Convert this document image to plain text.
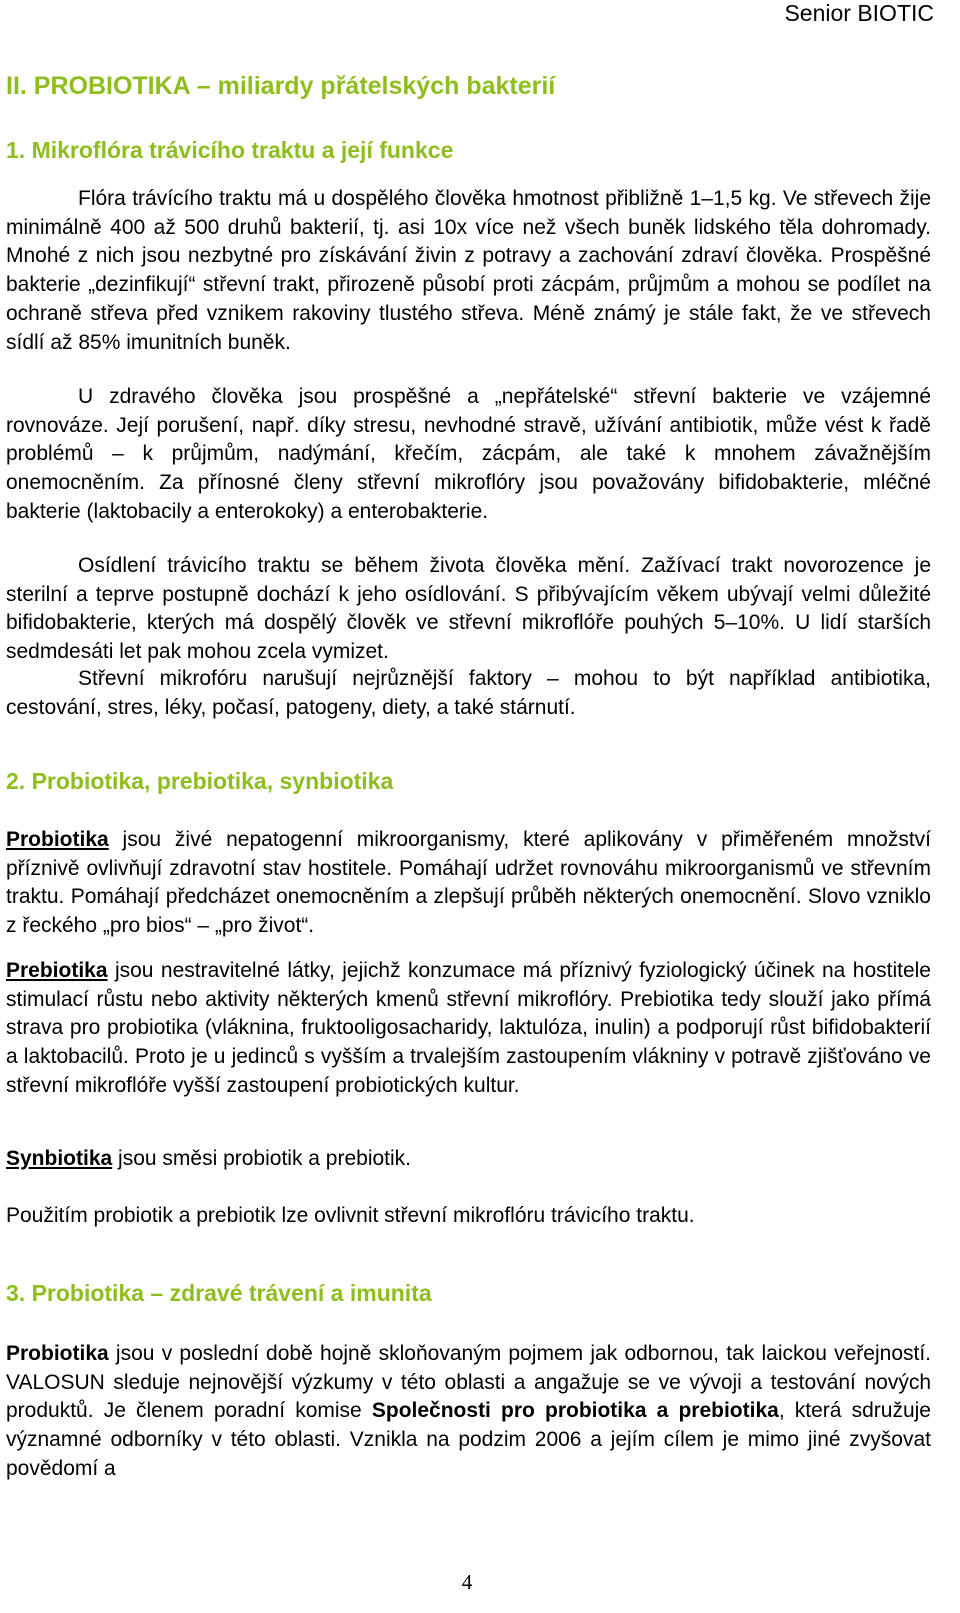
Senior BIOTIC
II. PROBIOTIKA – miliardy přátelských bakterií
1. Mikroflóra trávicího traktu a její funkce
Flóra trávícího traktu má u dospělého člověka hmotnost přibližně 1–1,5 kg. Ve střevech žije minimálně 400 až 500 druhů bakterií, tj. asi 10x více než všech buněk lidského těla dohromady. Mnohé z nich jsou nezbytné pro získávání živin z potravy a zachování zdraví člověka. Prospěšné bakterie „dezinfikují“ střevní trakt, přirozeně působí proti zácpám, průjmům a mohou se podílet na ochraně střeva před vznikem rakoviny tlustého střeva. Méně známý je stále fakt, že ve střevech sídlí až 85% imunitních buněk.
U zdravého člověka jsou prospěšné a „nepřátelské“ střevní bakterie ve vzájemné rovnováze. Její porušení, např. díky stresu, nevhodné stravě, užívání antibiotik, může vést k řadě problémů – k průjmům, nadýmání, křečím, zácpám, ale také k mnohem závažnějším onemocněním. Za přínosné členy střevní mikroflóry jsou považovány bifidobakterie, mléčné bakterie (laktobacily a enterokoky) a enterobakterie.
Osídlení trávicího traktu se během života člověka mění. Zažívací trakt novorozence je sterilní a teprve postupně dochází k jeho osídlování. S přibývajícím věkem ubývají velmi důležité bifidobakterie, kterých má dospělý člověk ve střevní mikroflóře pouhých 5–10%. U lidí starších sedmdesáti let pak mohou zcela vymizet.
Střevní mikrofóru narušují nejrůznější faktory – mohou to být například antibiotika, cestování, stres, léky, počasí, patogeny, diety, a také stárnutí.
2. Probiotika, prebiotika, synbiotika
Probiotika jsou živé nepatogenní mikroorganismy, které aplikovány v přiměřeném množství příznivě ovlivňují zdravotní stav hostitele. Pomáhají udržet rovnováhu mikroorganismů ve střevním traktu. Pomáhají předcházet onemocněním a zlepšují průběh některých onemocnění. Slovo vzniklo z řeckého „pro bios“ – „pro život“.
Prebiotika jsou nestravitelné látky, jejichž konzumace má příznivý fyziologický účinek na hostitele stimulací růstu nebo aktivity některých kmenů střevní mikroflóry. Prebiotika tedy slouží jako přímá strava pro probiotika (vláknina, fruktooligosacharidy, laktulóza, inulin) a podporují růst bifidobakterií a laktobacilů. Proto je u jedinců s vyšším a trvalejším zastoupením vlákniny v potravě zjišťováno ve střevní mikroflóře vyšší zastoupení probiotických kultur.
Synbiotika jsou směsi probiotik a prebiotik.
Použitím probiotik a prebiotik lze ovlivnit střevní mikroflóru trávicího traktu.
3. Probiotika – zdravé trávení a imunita
Probiotika jsou v poslední době hojně skloňovaným pojmem jak odbornou, tak laickou veřejností. VALOSUN sleduje nejnovější výzkumy v této oblasti a angažuje se ve vývoji a testování nových produktů. Je členem poradní komise Společnosti pro probiotika a prebiotika, která sdružuje významné odborníky v této oblasti. Vznikla na podzim 2006 a jejím cílem je mimo jiné zvyšovat povědomí a
4
